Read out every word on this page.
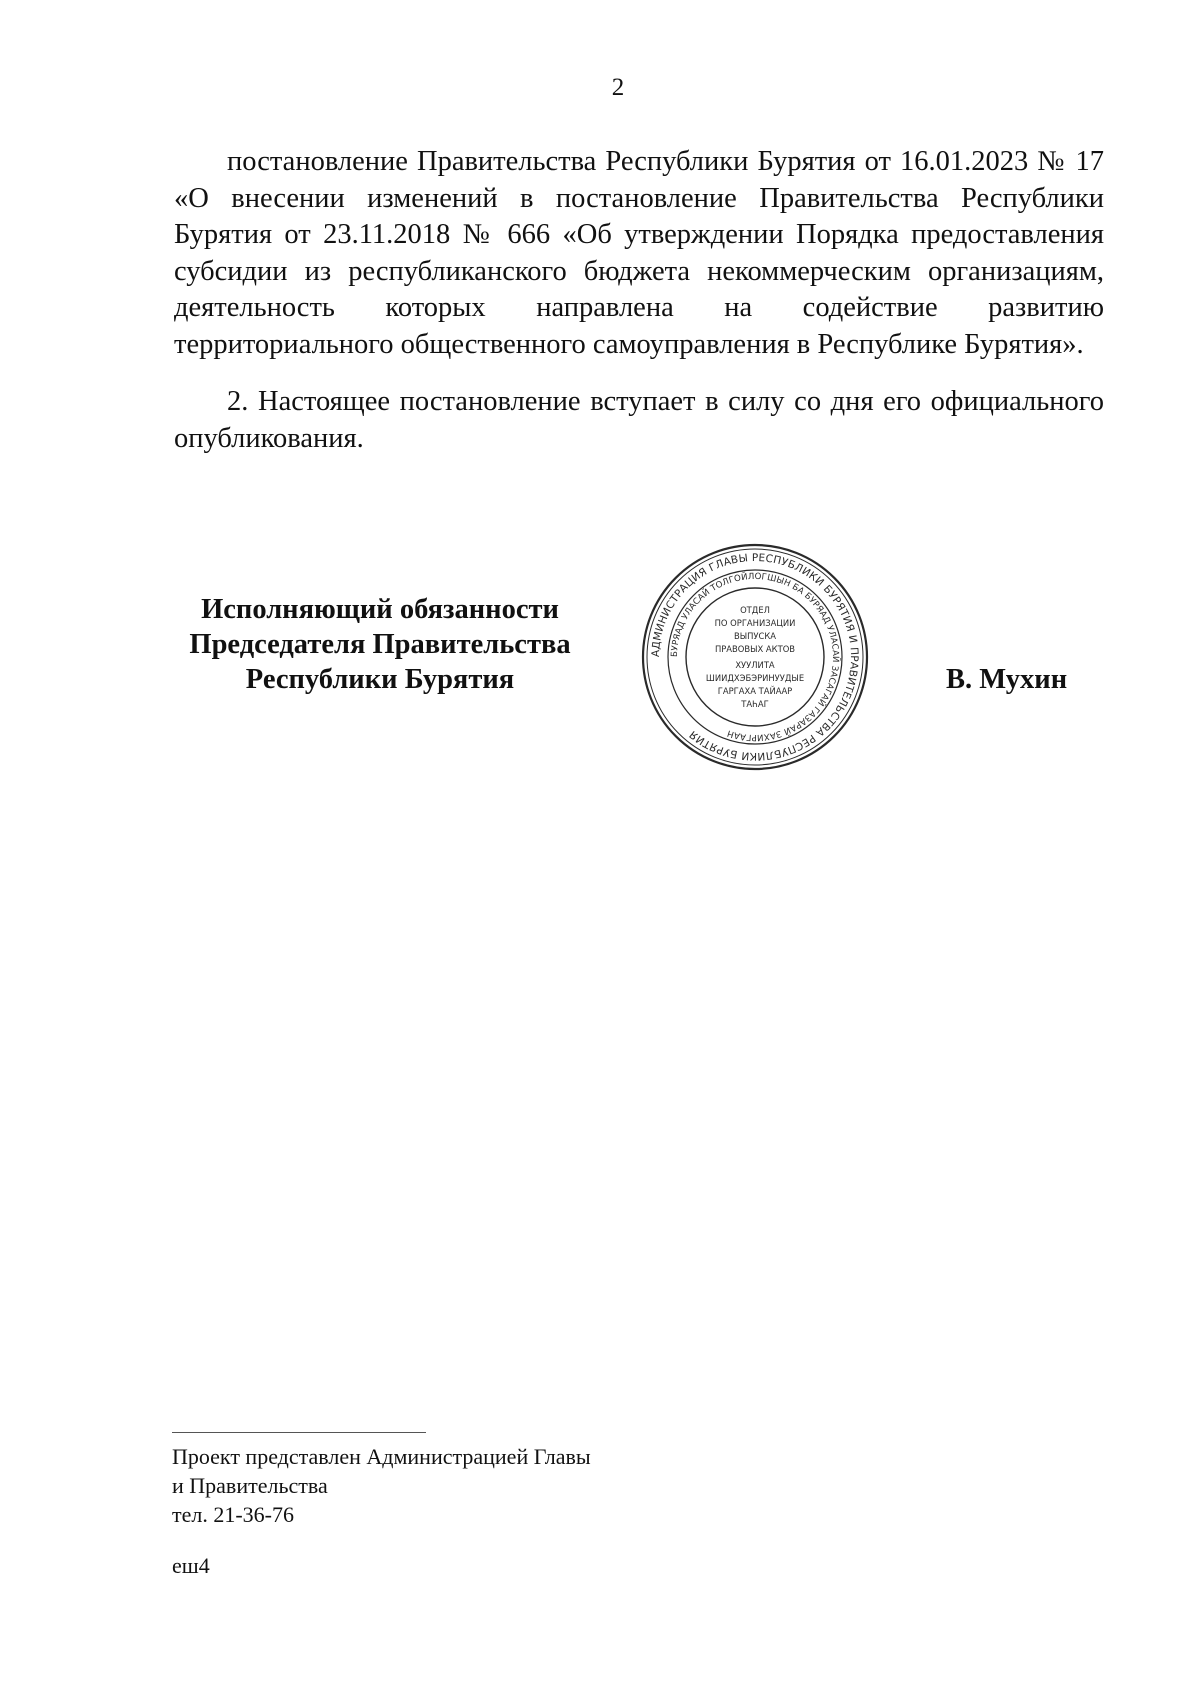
2

постановление Правительства Республики Бурятия от 16.01.2023 № 17 «О внесении изменений в постановление Правительства Республики Бурятия от 23.11.2018 № 666 «Об утверждении Порядка предоставления субсидии из республиканского бюджета некоммерческим организациям, деятельность которых направлена на содействие развитию территориального общественного самоуправления в Республике Бурятия».

2. Настоящее постановление вступает в силу со дня его официального опубликования.

Исполняющий обязанности
Председателя Правительства
Республики Бурятия
АДМИНИСТРАЦИЯ ГЛАВЫ РЕСПУБЛИКИ БУРЯТИЯ И ПРАВИТЕЛЬСТВА РЕСПУБЛИКИ БУРЯТИЯ
БУРЯАД УЛАСАЙ ТОЛГОЙЛОГШЫН БА БУРЯАД УЛАСАЙ ЗАСАГАЙ ГАЗАРАЙ ЗАХИРГААН
ОТДЕЛ
ПО ОРГАНИЗАЦИИ
ВЫПУСКА
ПРАВОВЫХ АКТОВ
ХУУЛИТА
ШИИДХЭБЭРИНУУДЫЕ
ГАРГАХА ТАЙААР
ТАҺАГ
В. Мухин
Проект представлен Администрацией Главы
и Правительства
тел. 21-36-76
еш4
